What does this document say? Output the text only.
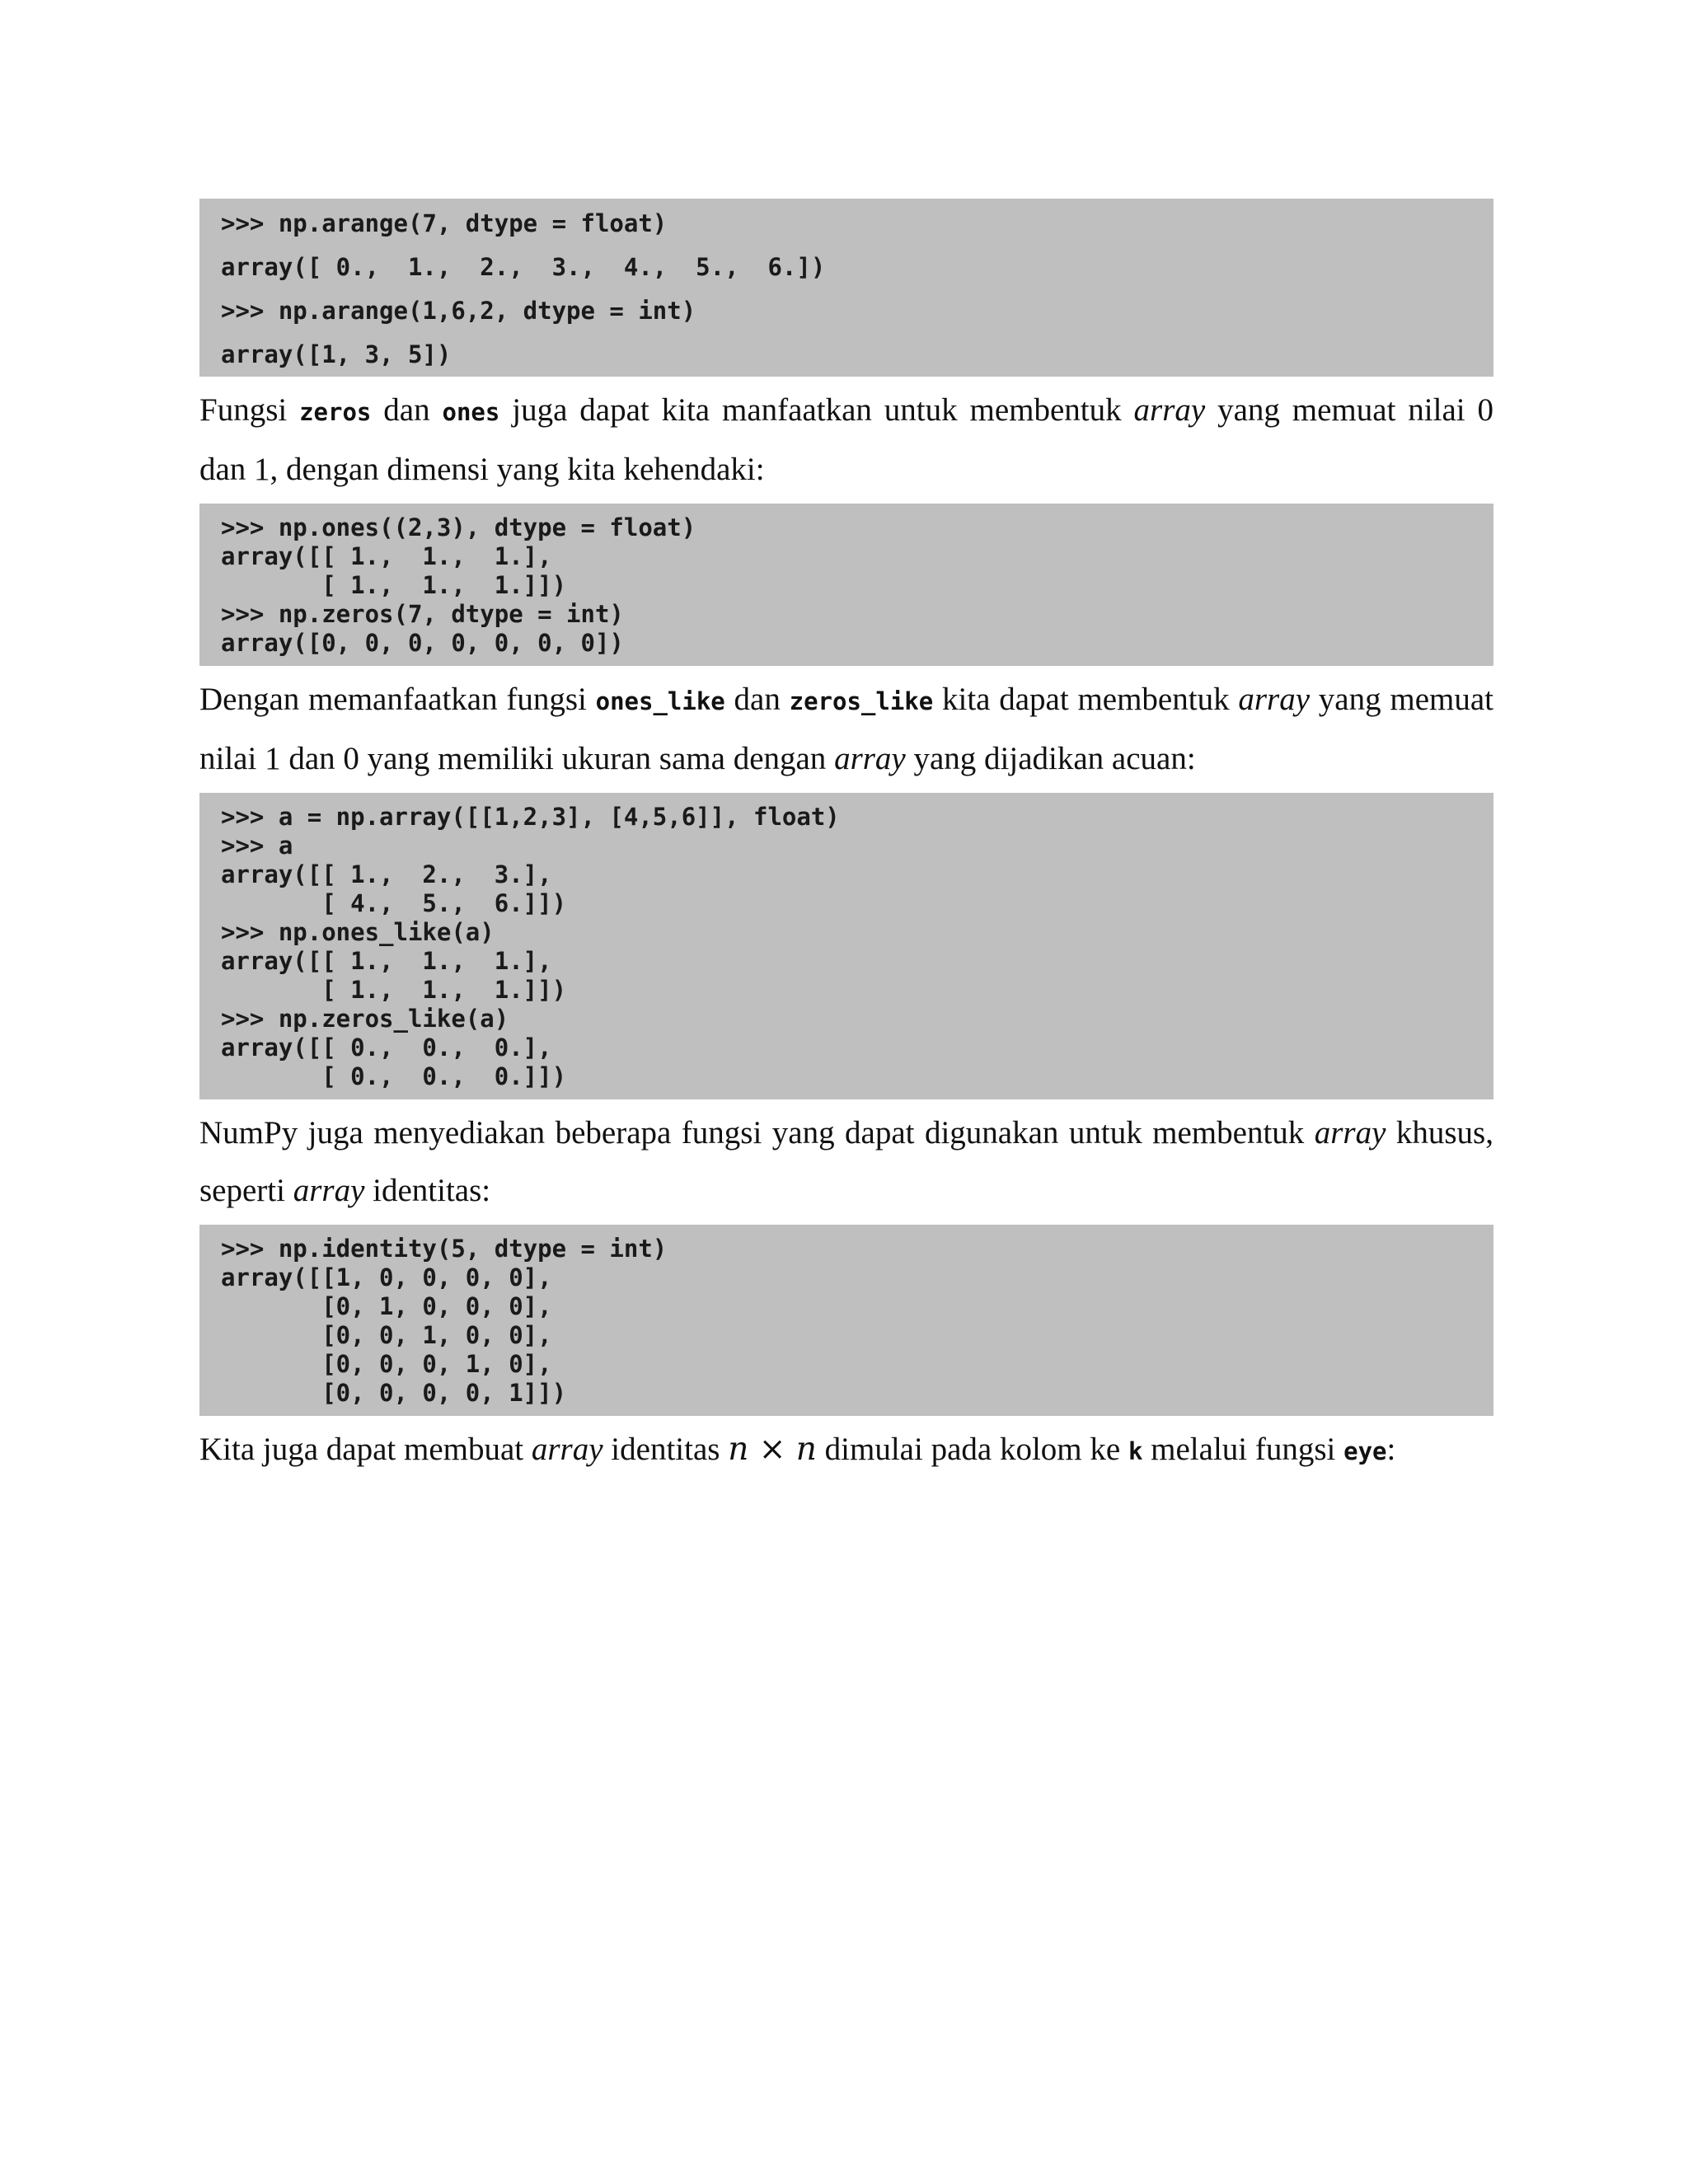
>>> np.arange(7, dtype = float)
array([ 0.,  1.,  2.,  3.,  4.,  5.,  6.])
>>> np.arange(1,6,2, dtype = int)
array([1, 3, 5])
Fungsi zeros dan ones juga dapat kita manfaatkan untuk membentuk array yang memuat nilai 0
dan 1, dengan dimensi yang kita kehendaki:
>>> np.ones((2,3), dtype = float)
array([[ 1.,  1.,  1.],
[ 1.,  1.,  1.]])
>>> np.zeros(7, dtype = int)
array([0, 0, 0, 0, 0, 0, 0])
Dengan memanfaatkan fungsi ones_like dan zeros_like kita dapat membentuk array yang memuat
nilai 1 dan 0 yang memiliki ukuran sama dengan array yang dijadikan acuan:
>>> a = np.array([[1,2,3], [4,5,6]], float)
>>> a
array([[ 1.,  2.,  3.],
[ 4.,  5.,  6.]])
>>> np.ones_like(a)
array([[ 1.,  1.,  1.],
[ 1.,  1.,  1.]])
>>> np.zeros_like(a)
array([[ 0.,  0.,  0.],
[ 0.,  0.,  0.]])
NumPy juga menyediakan beberapa fungsi yang dapat digunakan untuk membentuk array khusus,
seperti array identitas:
>>> np.identity(5, dtype = int)
array([[1, 0, 0, 0, 0],
[0, 1, 0, 0, 0],
[0, 0, 1, 0, 0],
[0, 0, 0, 1, 0],
[0, 0, 0, 0, 1]])
Kita juga dapat membuat array identitas n × n dimulai pada kolom ke k melalui fungsi eye:
